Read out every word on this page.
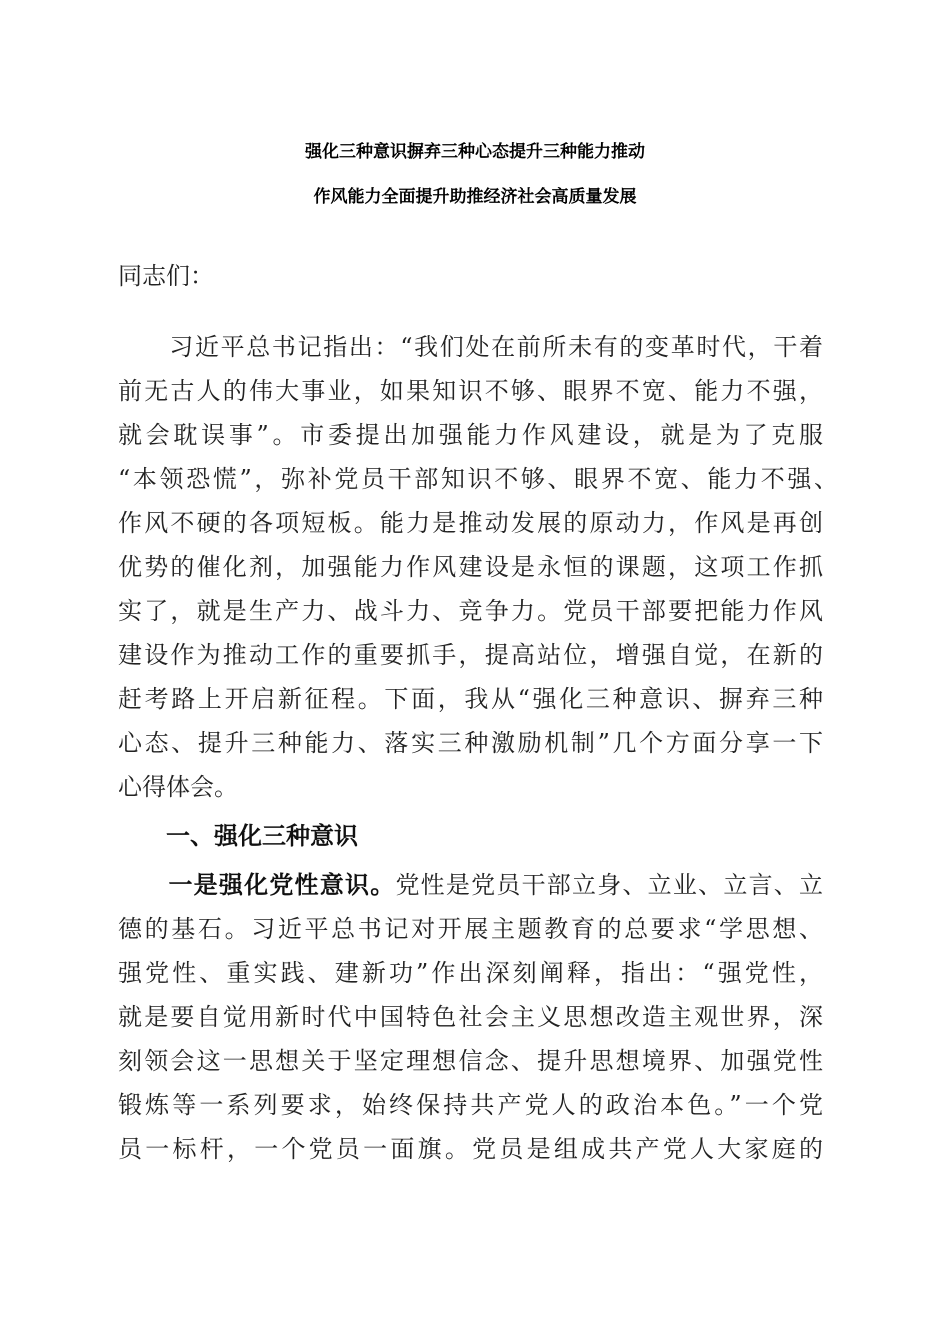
强化三种意识摒弃三种心态提升三种能力推动
作风能力全面提升助推经济社会高质量发展
同志们：
　　习近平总书记指出：“我们处在前所未有的变革时代，干着
前无古人的伟大事业，如果知识不够、眼界不宽、能力不强，
就会耽误事”。市委提出加强能力作风建设，就是为了克服
“本领恐慌”，弥补党员干部知识不够、眼界不宽、能力不强、
作风不硬的各项短板。能力是推动发展的原动力，作风是再创
优势的催化剂，加强能力作风建设是永恒的课题，这项工作抓
实了，就是生产力、战斗力、竞争力。党员干部要把能力作风
建设作为推动工作的重要抓手，提高站位，增强自觉，在新的
赶考路上开启新征程。下面，我从“强化三种意识、摒弃三种
心态、提升三种能力、落实三种激励机制”几个方面分享一下
心得体会。
　　一、强化三种意识
　　一是强化党性意识。党性是党员干部立身、立业、立言、立
德的基石。习近平总书记对开展主题教育的总要求“学思想、
强党性、重实践、建新功”作出深刻阐释，指出：“强党性，
就是要自觉用新时代中国特色社会主义思想改造主观世界，深
刻领会这一思想关于坚定理想信念、提升思想境界、加强党性
锻炼等一系列要求，始终保持共产党人的政治本色。”一个党
员一标杆，一个党员一面旗。党员是组成共产党人大家庭的
